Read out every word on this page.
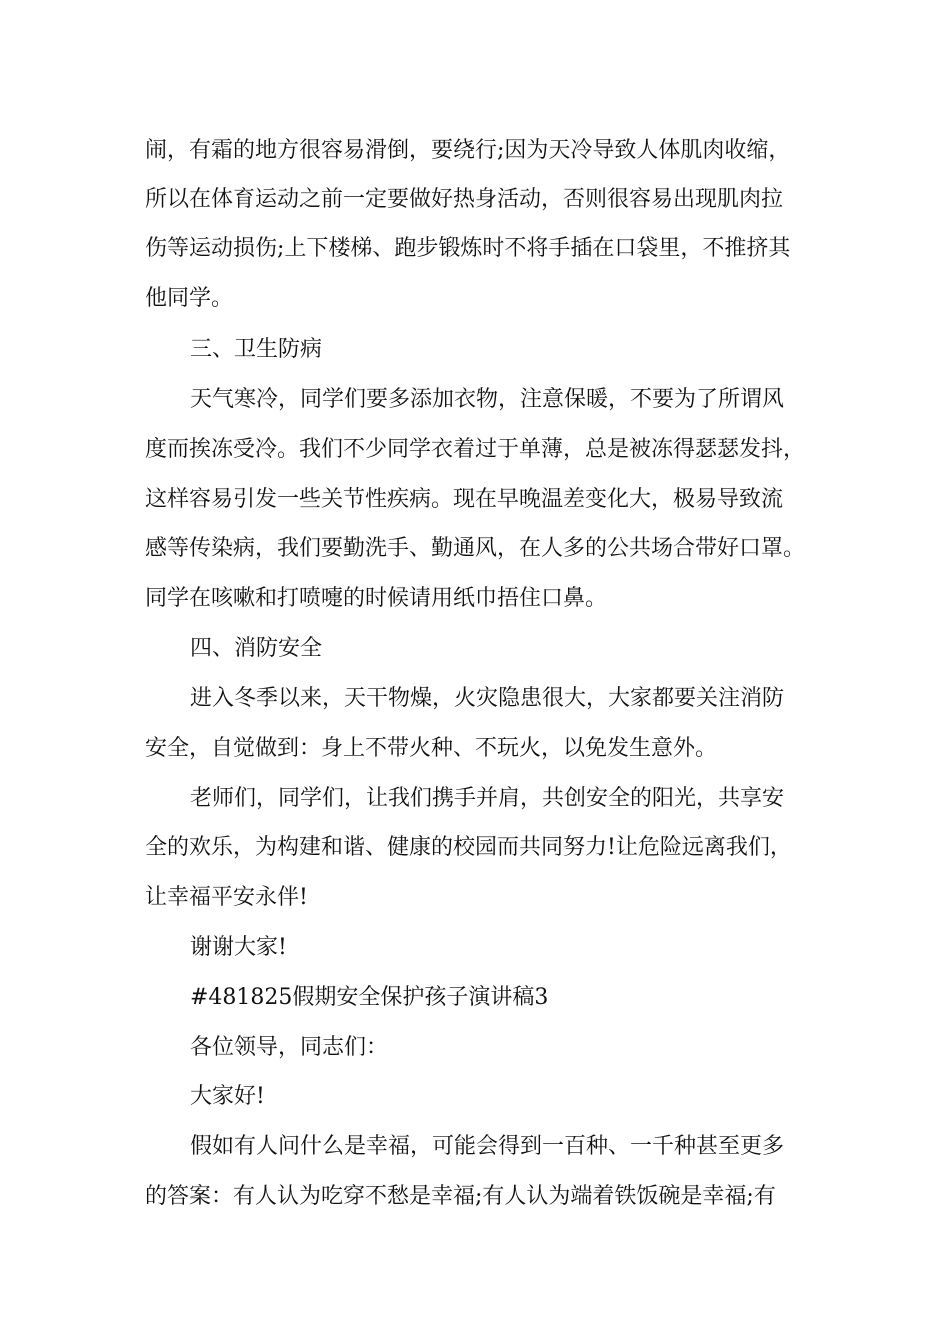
闹，有霜的地方很容易滑倒，要绕行;因为天冷导致人体肌肉收缩，
所以在体育运动之前一定要做好热身活动，否则很容易出现肌肉拉
伤等运动损伤;上下楼梯、跑步锻炼时不将手插在口袋里，不推挤其
他同学。
三、卫生防病
天气寒冷，同学们要多添加衣物，注意保暖，不要为了所谓风
度而挨冻受冷。我们不少同学衣着过于单薄，总是被冻得瑟瑟发抖，
这样容易引发一些关节性疾病。现在早晚温差变化大，极易导致流
感等传染病，我们要勤洗手、勤通风，在人多的公共场合带好口罩。
同学在咳嗽和打喷嚏的时候请用纸巾捂住口鼻。
四、消防安全
进入冬季以来，天干物燥，火灾隐患很大，大家都要关注消防
安全，自觉做到：身上不带火种、不玩火，以免发生意外。
老师们，同学们，让我们携手并肩，共创安全的阳光，共享安
全的欢乐，为构建和谐、健康的校园而共同努力!让危险远离我们，
让幸福平安永伴!
谢谢大家!
#481825假期安全保护孩子演讲稿3
各位领导，同志们：
大家好!
假如有人问什么是幸福，可能会得到一百种、一千种甚至更多
的答案：有人认为吃穿不愁是幸福;有人认为端着铁饭碗是幸福;有
